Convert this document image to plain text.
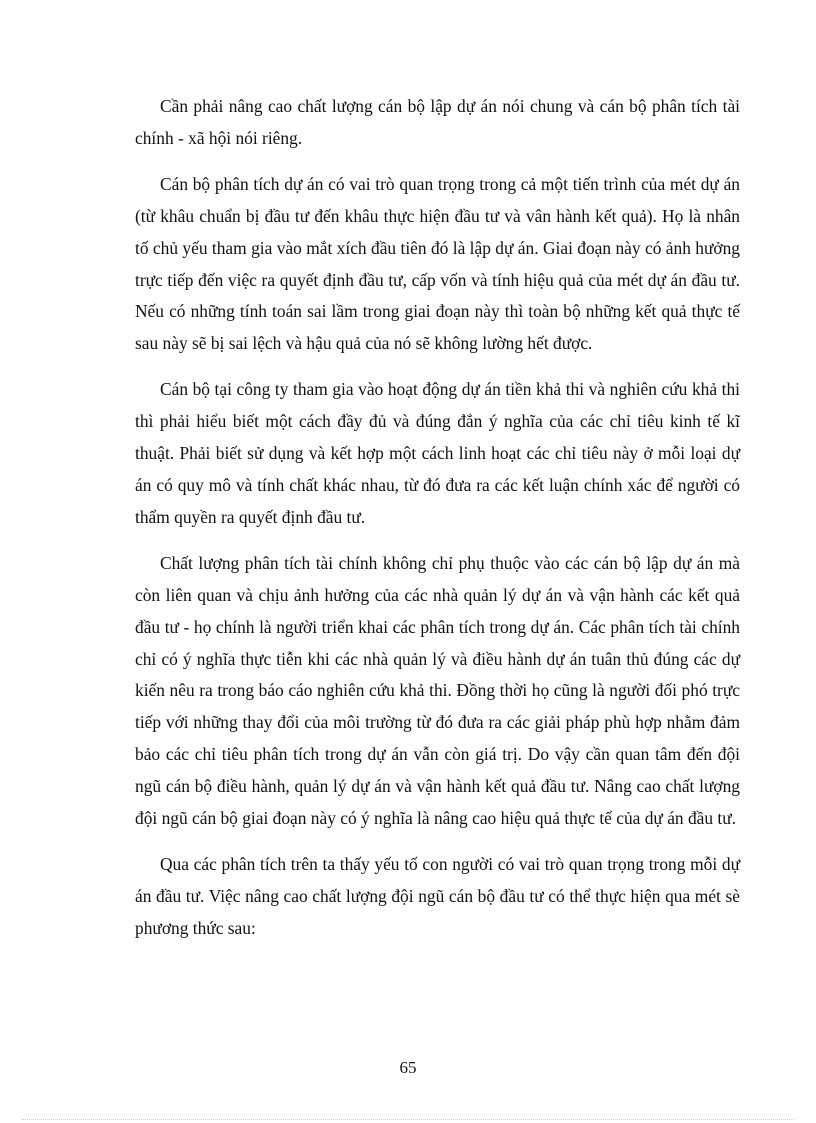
Cần phải nâng cao chất lượng cán bộ lập dự án nói chung và cán bộ phân tích tài chính - xã hội nói riêng.

Cán bộ phân tích dự án có vai trò quan trọng trong cả một tiến trình của mét dự án (từ khâu chuẩn bị đầu tư đến khâu thực hiện đầu tư và vân hành kết quả). Họ là nhân tố chủ yếu tham gia vào mắt xích đầu tiên đó là lập dự án. Giai đoạn này có ảnh hưởng trực tiếp đến việc ra quyết định đầu tư, cấp vốn và tính hiệu quả của mét dự án đầu tư. Nếu có những tính toán sai lầm trong giai đoạn này thì toàn bộ những kết quả thực tế sau này sẽ bị sai lệch và hậu quả của nó sẽ không lường hết được.

Cán bộ tại công ty tham gia vào hoạt động dự án tiền khả thi và nghiên cứu khả thi thì phải hiểu biết một cách đầy đủ và đúng đắn ý nghĩa của các chỉ tiêu kinh tế kĩ thuật. Phải biết sử dụng và kết hợp một cách linh hoạt các chỉ tiêu này ở mỗi loại dự án có quy mô và tính chất khác nhau, từ đó đưa ra các kết luận chính xác để người có thẩm quyền ra quyết định đầu tư.

Chất lượng phân tích tài chính không chỉ phụ thuộc vào các cán bộ lập dự án mà còn liên quan và chịu ảnh hưởng của các nhà quản lý dự án và vận hành các kết quả đầu tư - họ chính là người triển khai các phân tích trong dự án. Các phân tích tài chính chỉ có ý nghĩa thực tiễn khi các nhà quản lý và điều hành dự án tuân thủ đúng các dự kiến nêu ra trong báo cáo nghiên cứu khả thi. Đồng thời họ cũng là người đối phó trực tiếp với những thay đổi của môi trường từ đó đưa ra các giải pháp phù hợp nhằm đảm bảo các chỉ tiêu phân tích trong dự án vẫn còn giá trị. Do vậy cần quan tâm đến đội ngũ cán bộ điều hành, quản lý dự án và vận hành kết quả đầu tư. Nâng cao chất lượng đội ngũ cán bộ giai đoạn này có ý nghĩa là nâng cao hiệu quả thực tế của dự án đầu tư.

Qua các phân tích trên ta thấy yếu tố con người có vai trò quan trọng trong mỗi dự án đầu tư. Việc nâng cao chất lượng đội ngũ cán bộ đầu tư có thể thực hiện qua mét sè phương thức sau:

65
